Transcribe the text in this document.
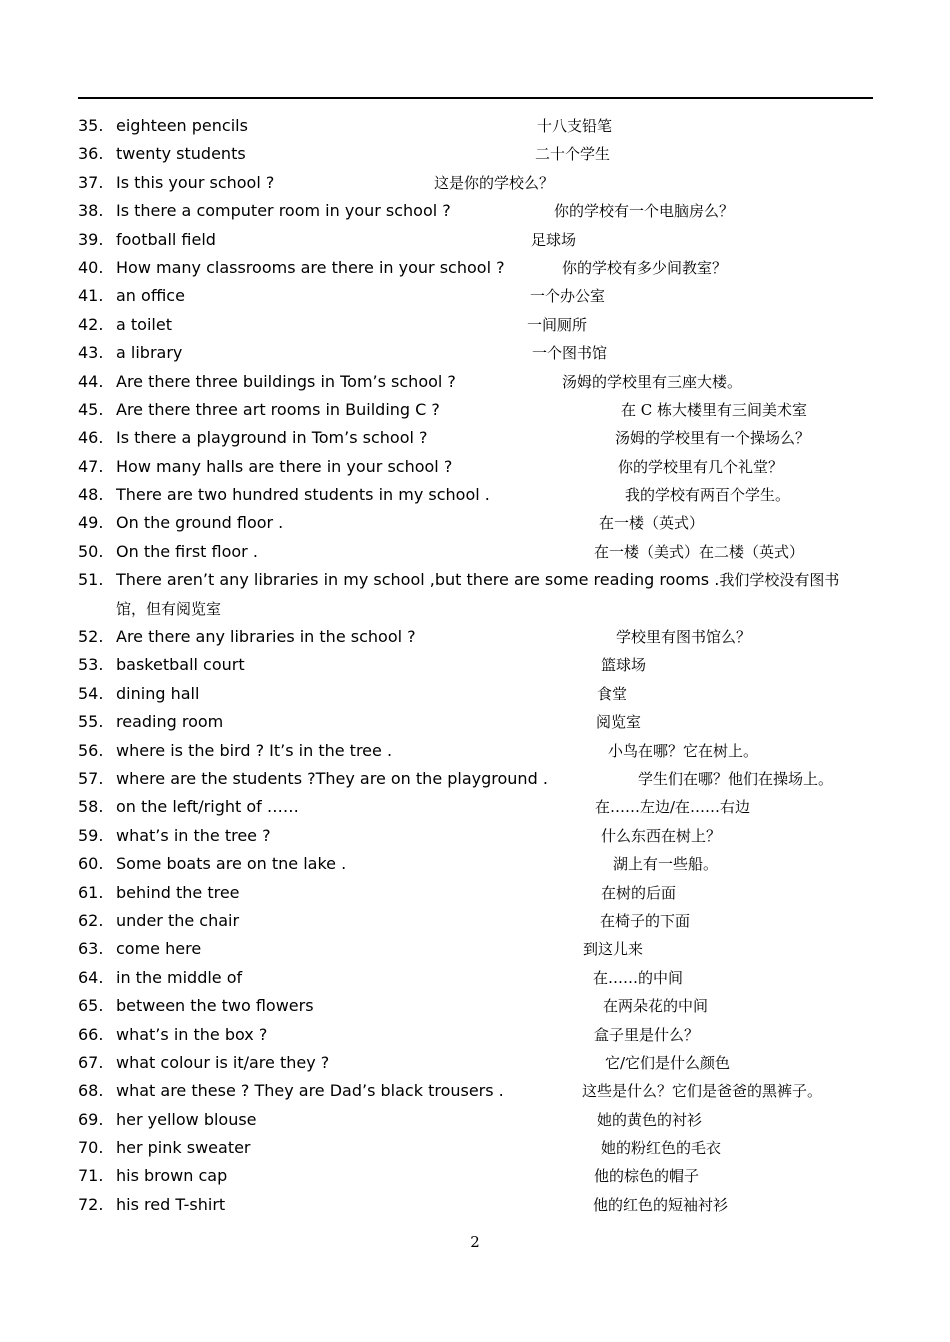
35. eighteen pencils	十八支铅笔
36. twenty students	二十个学生
37. Is this your school ?	这是你的学校么？
38. Is there a computer room in your school ?	你的学校有一个电脑房么？
39. football field	足球场
40. How many classrooms are there in your school ?	你的学校有多少间教室？
41. an office	一个办公室
42. a toilet	一间厕所
43. a library	一个图书馆
44. Are there three buildings in Tom’s school ?	汤姆的学校里有三座大楼。
45. Are there three art rooms in Building C ?	在 C 栋大楼里有三间美术室
46. Is there a playground in Tom’s school ?	汤姆的学校里有一个操场么？
47. How many halls are there in your school ?	你的学校里有几个礼堂？
48. There are two hundred students in my school .	我的学校有两百个学生。
49. On the ground floor .	在一楼（英式）
50. On the first floor .	在一楼（美式）在二楼（英式）
51. There aren’t any libraries in my school ,but there are some reading rooms .我们学校没有图书
馆，但有阅览室
52. Are there any libraries in the school ?	学校里有图书馆么？
53. basketball court	篮球场
54. dining hall	食堂
55. reading room	阅览室
56. where is the bird ? It’s in the tree .	小鸟在哪？它在树上。
57. where are the students ?They are on the playground .	学生们在哪？他们在操场上。
58. on the left/right of ……	在……左边/在……右边
59. what’s in the tree ?	什么东西在树上？
60. Some boats are on tne lake .	湖上有一些船。
61. behind the tree	在树的后面
62. under the chair	在椅子的下面
63. come here	到这儿来
64. in the middle of	在……的中间
65. between the two flowers	在两朵花的中间
66. what’s in the box ?	盒子里是什么？
67. what colour is it/are they ?	它/它们是什么颜色
68. what are these ? They are Dad’s black trousers .	这些是什么？它们是爸爸的黑裤子。
69. her yellow blouse	她的黄色的衬衫
70. her pink sweater	她的粉红色的毛衣
71. his brown cap	他的棕色的帽子
72. his red T-shirt	他的红色的短袖衬衫
2
